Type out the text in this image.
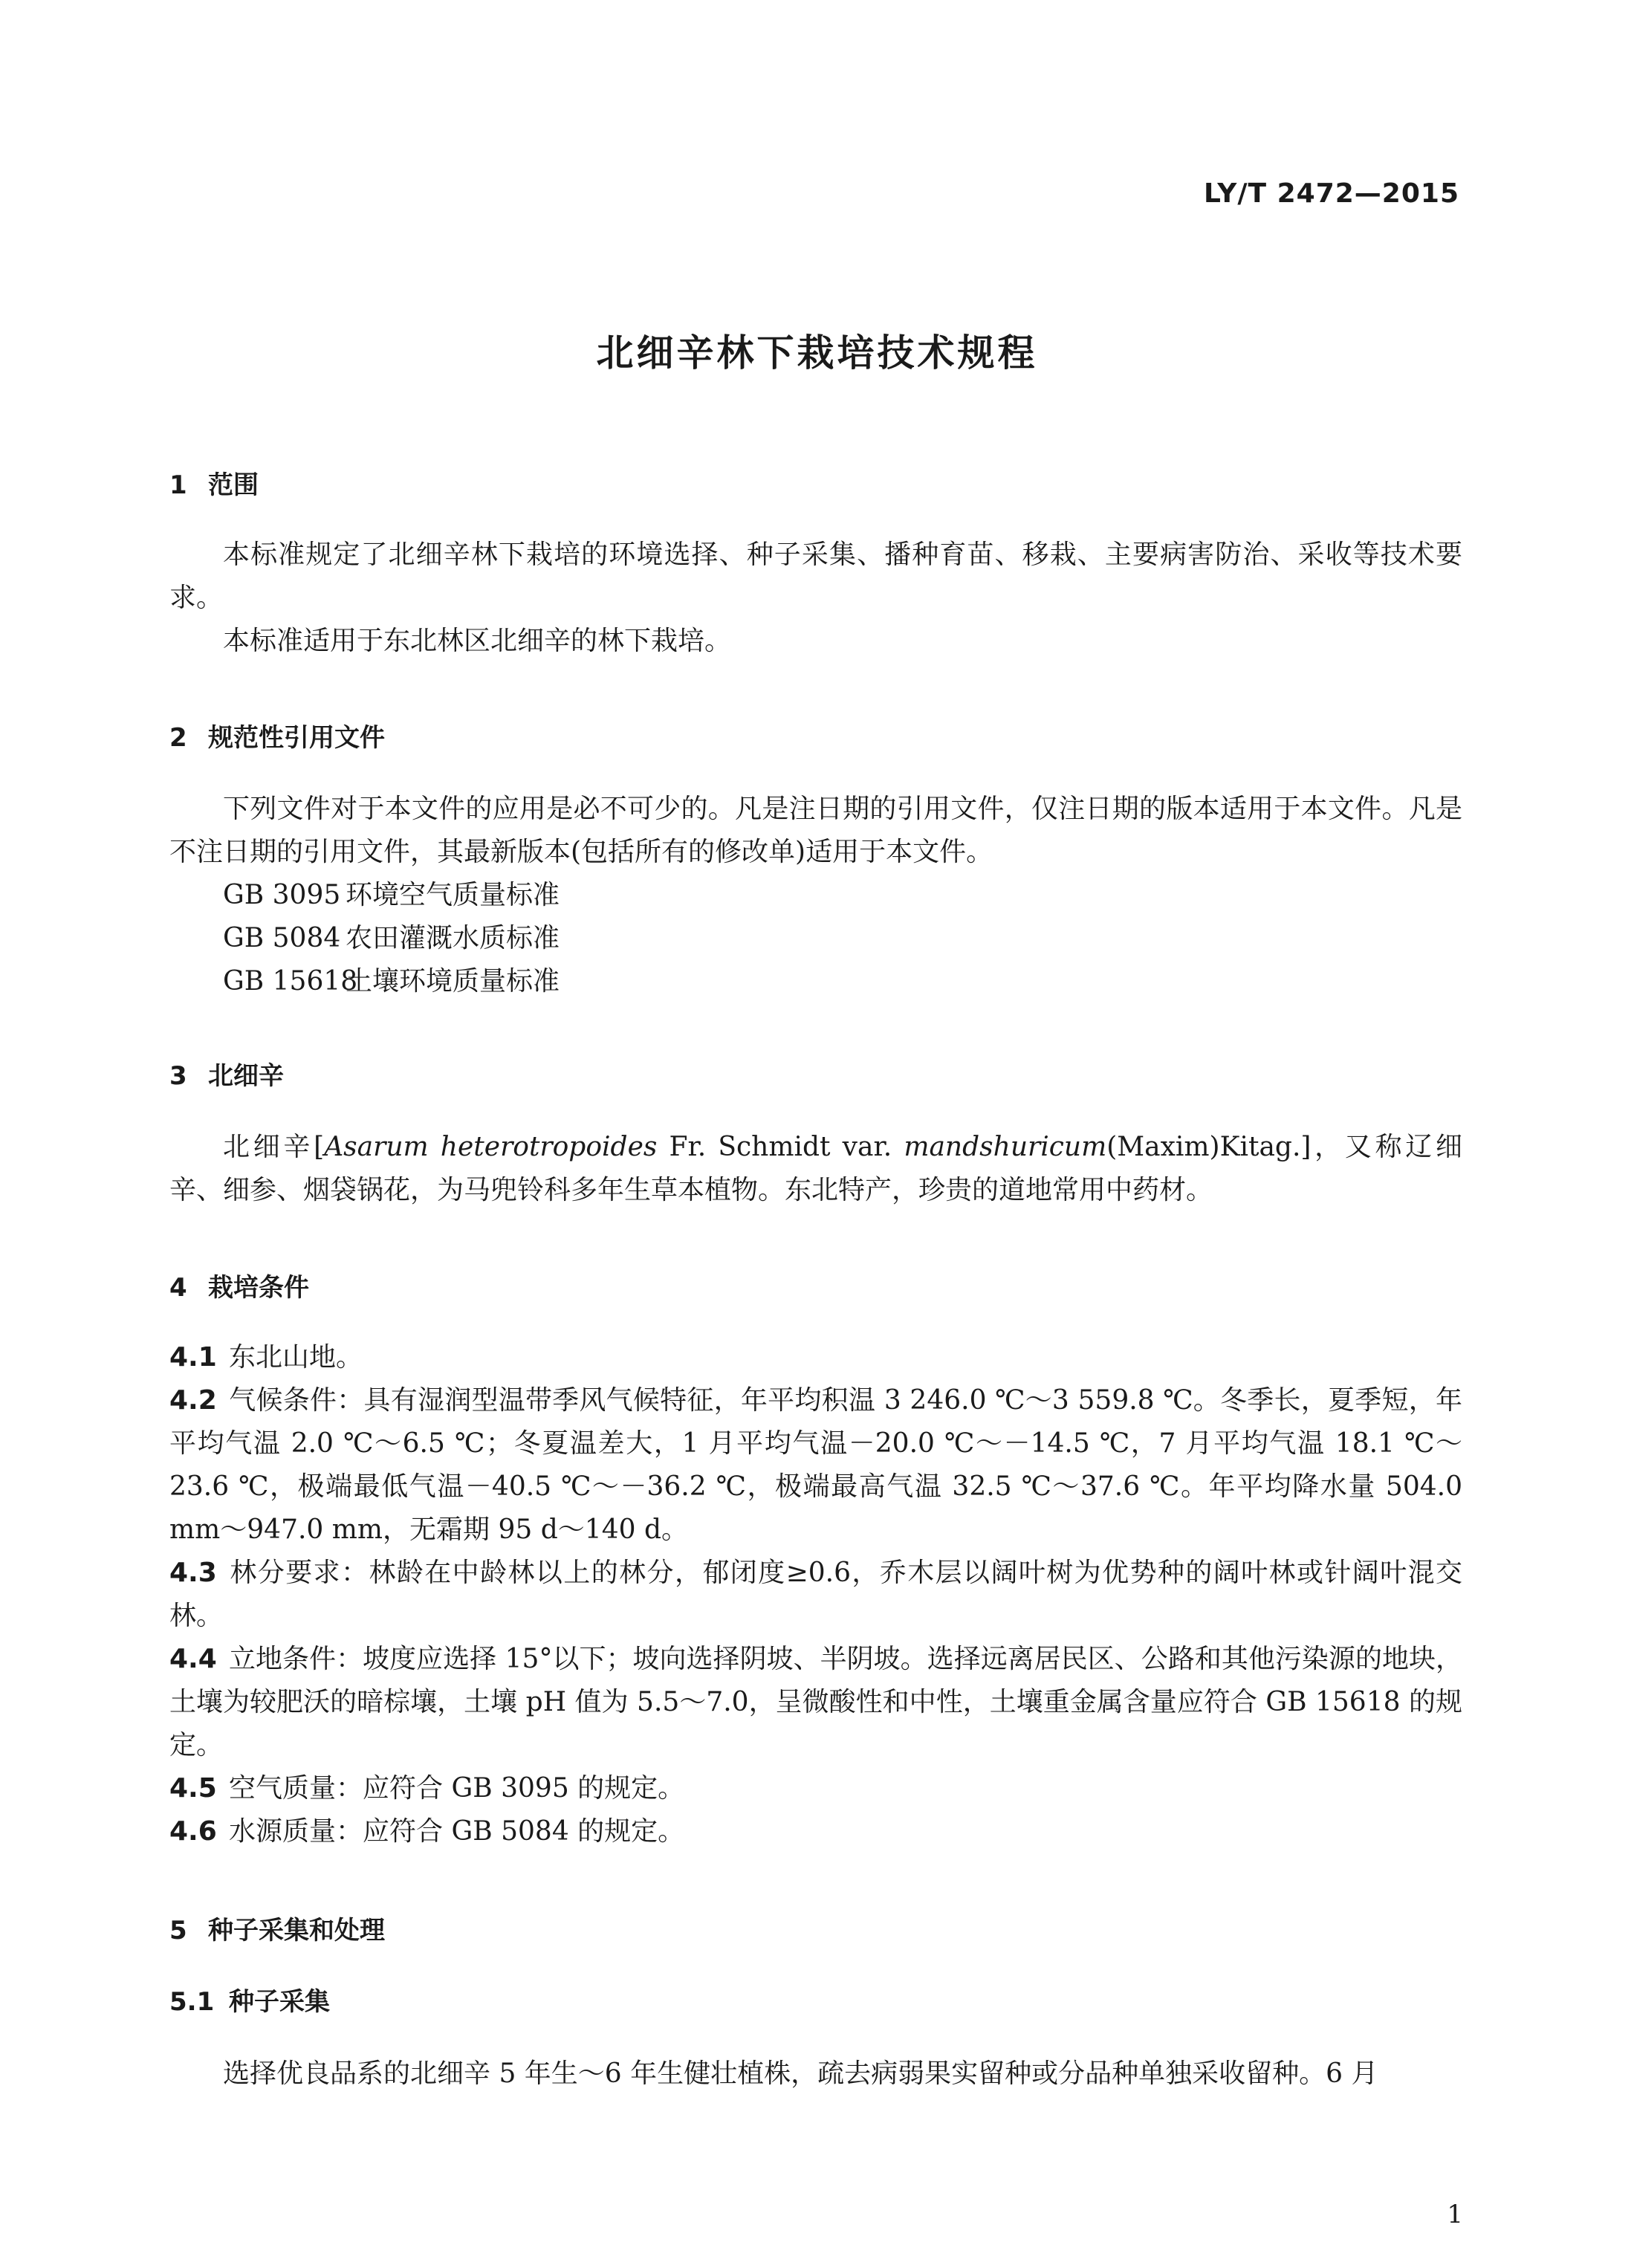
LY/T 2472—2015
北细辛林下栽培技术规程
1 范围
本标准规定了北细辛林下栽培的环境选择、种子采集、播种育苗、移栽、主要病害防治、采收等技术要求。
本标准适用于东北林区北细辛的林下栽培。
2 规范性引用文件
下列文件对于本文件的应用是必不可少的。凡是注日期的引用文件，仅注日期的版本适用于本文件。凡是不注日期的引用文件，其最新版本(包括所有的修改单)适用于本文件。
GB 3095 环境空气质量标准
GB 5084 农田灌溉水质标准
GB 15618土壤环境质量标准
3 北细辛
北细辛[Asarum heterotropoides Fr. Schmidt var. mandshuricum(Maxim)Kitag.]，又称辽细辛、细参、烟袋锅花，为马兜铃科多年生草本植物。东北特产，珍贵的道地常用中药材。
4 栽培条件
4.1 东北山地。
4.2 气候条件：具有湿润型温带季风气候特征，年平均积温 3 246.0 ℃～3 559.8 ℃。冬季长，夏季短，年平均气温 2.0 ℃～6.5 ℃；冬夏温差大，1 月平均气温－20.0 ℃～－14.5 ℃，7 月平均气温 18.1 ℃～23.6 ℃，极端最低气温－40.5 ℃～－36.2 ℃，极端最高气温 32.5 ℃～37.6 ℃。年平均降水量 504.0 mm～947.0 mm，无霜期 95 d～140 d。
4.3 林分要求：林龄在中龄林以上的林分，郁闭度≥0.6，乔木层以阔叶树为优势种的阔叶林或针阔叶混交林。
4.4 立地条件：坡度应选择 15°以下；坡向选择阴坡、半阴坡。选择远离居民区、公路和其他污染源的地块，土壤为较肥沃的暗棕壤，土壤 pH 值为 5.5～7.0，呈微酸性和中性，土壤重金属含量应符合 GB 15618 的规定。
4.5 空气质量：应符合 GB 3095 的规定。
4.6 水源质量：应符合 GB 5084 的规定。
5 种子采集和处理
5.1 种子采集
选择优良品系的北细辛 5 年生～6 年生健壮植株，疏去病弱果实留种或分品种单独采收留种。6 月
1
